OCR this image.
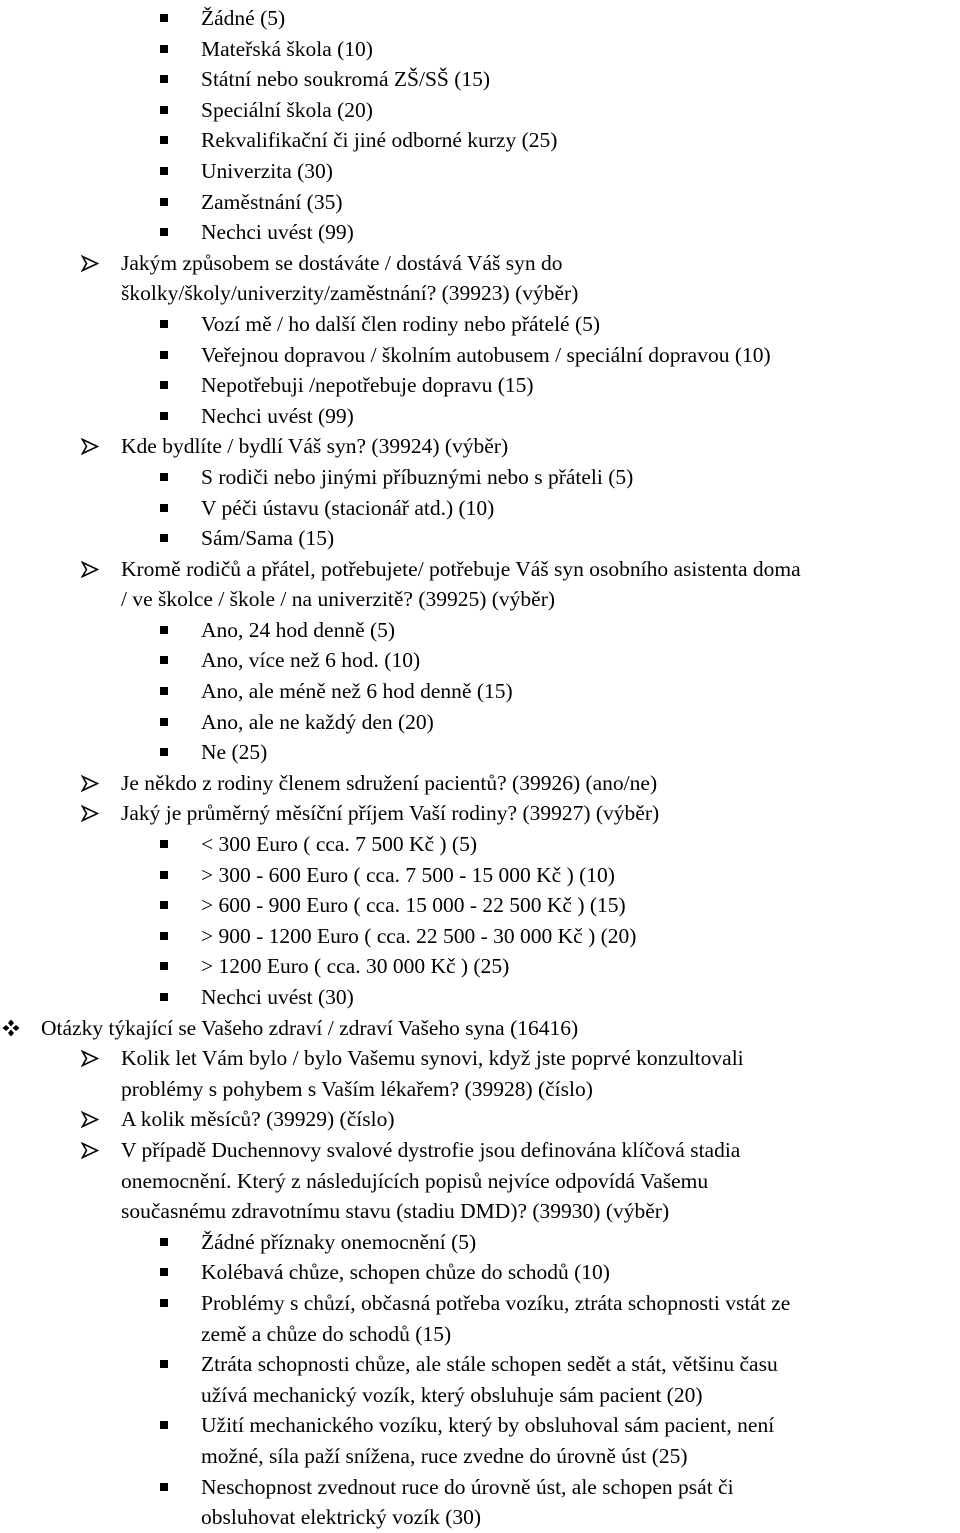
Žádné (5)
Mateřská škola (10)
Státní nebo soukromá ZŠ/SŠ (15)
Speciální škola (20)
Rekvalifikační či jiné odborné kurzy (25)
Univerzita (30)
Zaměstnání (35)
Nechci uvést (99)
Jakým způsobem se dostáváte / dostává Váš syn do
školky/školy/univerzity/zaměstnání? (39923) (výběr)
Vozí mě / ho další člen rodiny nebo přátelé (5)
Veřejnou dopravou / školním autobusem / speciální dopravou (10)
Nepotřebuji /nepotřebuje dopravu (15)
Nechci uvést (99)
Kde bydlíte / bydlí Váš syn? (39924) (výběr)
S rodiči nebo jinými příbuznými nebo s přáteli (5)
V péči ústavu (stacionář atd.) (10)
Sám/Sama (15)
Kromě rodičů a přátel, potřebujete/ potřebuje Váš syn osobního asistenta doma
/ ve školce / škole / na univerzitě? (39925) (výběr)
Ano, 24 hod denně (5)
Ano, více než 6 hod. (10)
Ano, ale méně než 6 hod denně (15)
Ano, ale ne každý den (20)
Ne (25)
Je někdo z rodiny členem sdružení pacientů? (39926) (ano/ne)
Jaký je průměrný měsíční příjem Vaší rodiny? (39927) (výběr)
< 300 Euro ( cca. 7 500 Kč ) (5)
> 300 - 600 Euro ( cca. 7 500 - 15 000 Kč ) (10)
> 600 - 900 Euro ( cca. 15 000 - 22 500 Kč ) (15)
> 900 - 1200 Euro ( cca. 22 500 - 30 000 Kč ) (20)
> 1200 Euro ( cca. 30 000 Kč ) (25)
Nechci uvést (30)
Otázky týkající se Vašeho zdraví / zdraví Vašeho syna (16416)
Kolik let Vám bylo / bylo Vašemu synovi, když jste poprvé konzultovali
problémy s pohybem s Vaším lékařem? (39928) (číslo)
A kolik měsíců? (39929) (číslo)
V případě Duchennovy svalové dystrofie jsou definována klíčová stadia
onemocnění. Který z následujících popisů nejvíce odpovídá Vašemu
současnému zdravotnímu stavu (stadiu DMD)? (39930) (výběr)
Žádné příznaky onemocnění (5)
Kolébavá chůze, schopen chůze do schodů (10)
Problémy s chůzí, občasná potřeba vozíku, ztráta schopnosti vstát ze
země a chůze do schodů (15)
Ztráta schopnosti chůze, ale stále schopen sedět a stát, většinu času
užívá mechanický vozík, který obsluhuje sám pacient (20)
Užití mechanického vozíku, který by obsluhoval sám pacient, není
možné, síla paží snížena, ruce zvedne do úrovně úst (25)
Neschopnost zvednout ruce do úrovně úst, ale schopen psát či
obsluhovat elektrický vozík (30)
